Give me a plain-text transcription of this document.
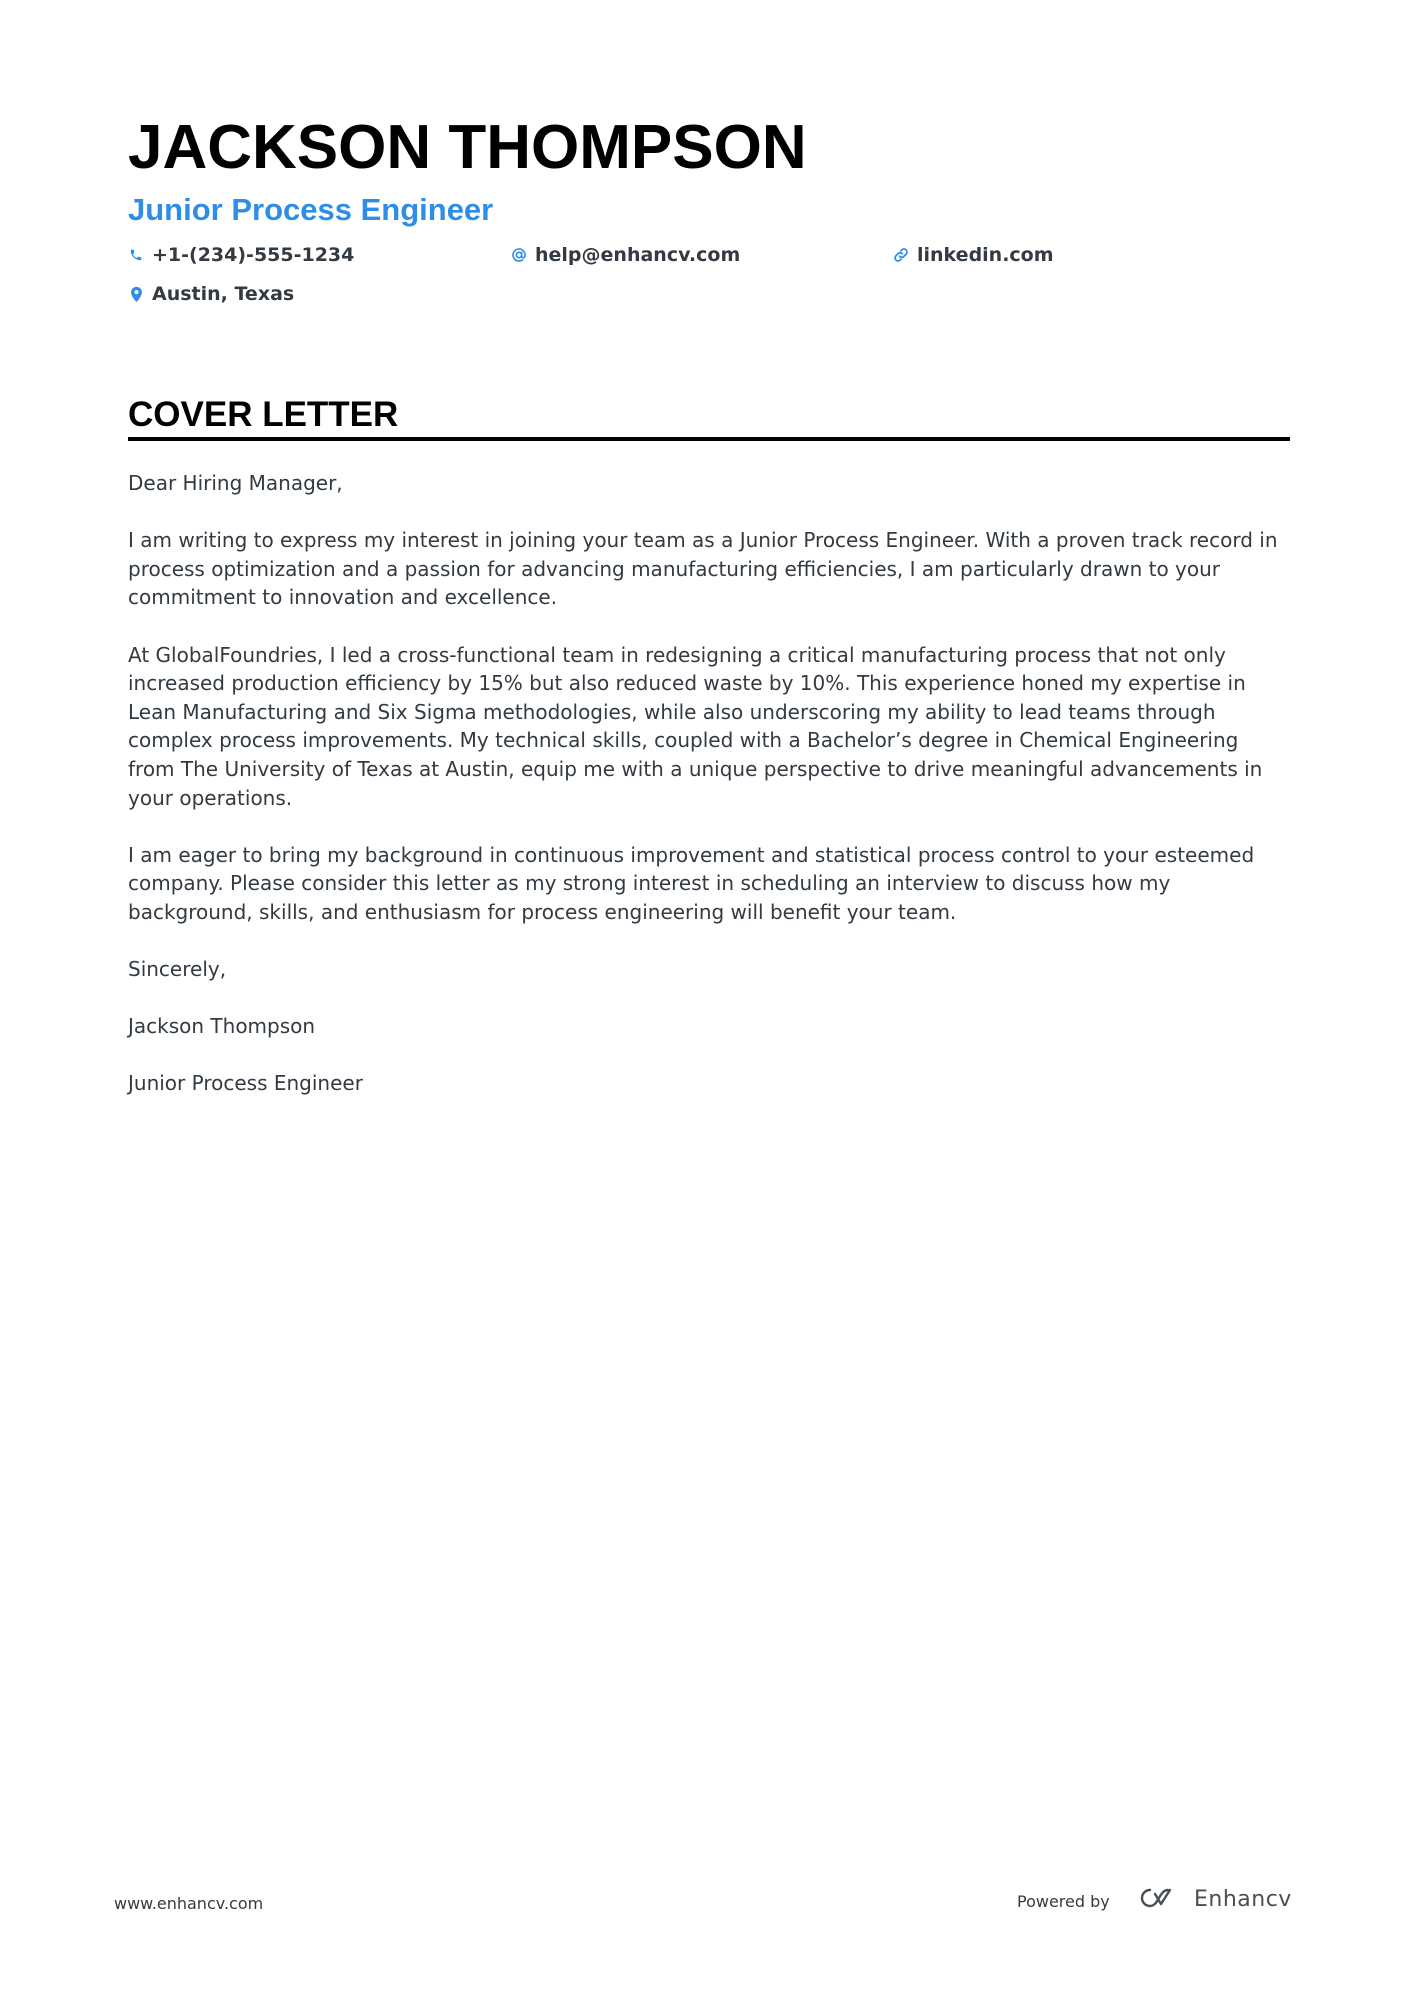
JACKSON THOMPSON
Junior Process Engineer
+1-(234)-555-1234	help@enhancv.com	linkedin.com
Austin, Texas
COVER LETTER

Dear Hiring Manager,

I am writing to express my interest in joining your team as a Junior Process Engineer. With a proven track record in process optimization and a passion for advancing manufacturing efficiencies, I am particularly drawn to your commitment to innovation and excellence.

At GlobalFoundries, I led a cross-functional team in redesigning a critical manufacturing process that not only increased production efficiency by 15% but also reduced waste by 10%. This experience honed my expertise in Lean Manufacturing and Six Sigma methodologies, while also underscoring my ability to lead teams through complex process improvements. My technical skills, coupled with a Bachelor’s degree in Chemical Engineering from The University of Texas at Austin, equip me with a unique perspective to drive meaningful advancements in your operations.

I am eager to bring my background in continuous improvement and statistical process control to your esteemed company. Please consider this letter as my strong interest in scheduling an interview to discuss how my background, skills, and enthusiasm for process engineering will benefit your team.

Sincerely,

Jackson Thompson

Junior Process Engineer

www.enhancv.com	Powered by	Enhancv
